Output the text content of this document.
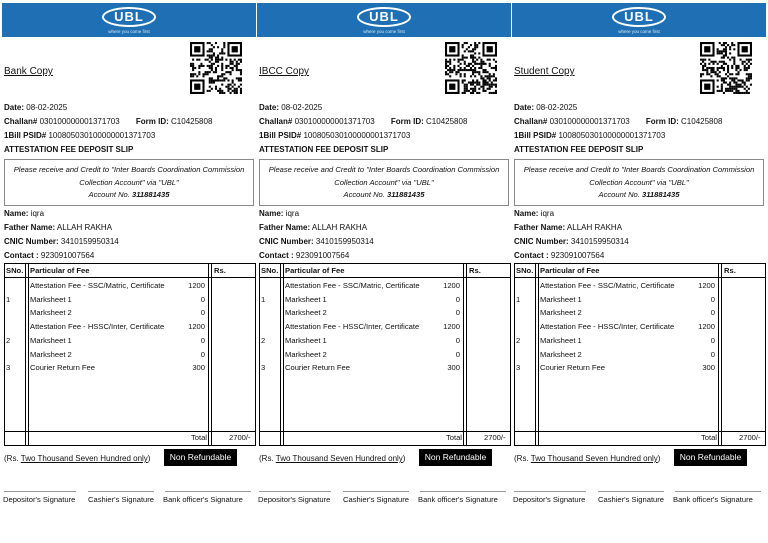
UBL
where you come first
Bank Copy
Date: 08-02-2025
Challan# 030100000001371703 Form ID: C10425808
1Bill PSID# 100805030100000001371703
ATTESTATION FEE DEPOSIT SLIP
Please receive and Credit to "Inter Boards Coordination Commission
Collection Account" via "UBL"
Account No. 311881435
Name: iqra
Father Name: ALLAH RAKHA
CNIC Number: 3410159950314
Contact : 923091007564
SNo. Particular of Fee	Rs.
Attestation Fee - SSC/Matric, Certificate	1200
1	Marksheet 1	0
Marksheet 2	0
Attestation Fee - HSSC/Inter, Certificate	1200
2	Marksheet 1	0
Marksheet 2	0
3	Courier Return Fee	300
Total	2700/-
(Rs. Two Thousand Seven Hundred only)	Non Refundable
Depositor's Signature Cashier's Signature Bank officer's Signature
UBL
where you come first
IBCC Copy
Date: 08-02-2025
Challan# 030100000001371703 Form ID: C10425808
1Bill PSID# 100805030100000001371703
ATTESTATION FEE DEPOSIT SLIP
Please receive and Credit to "Inter Boards Coordination Commission
Collection Account" via "UBL"
Account No. 311881435
Name: iqra
Father Name: ALLAH RAKHA
CNIC Number: 3410159950314
Contact : 923091007564
SNo. Particular of Fee	Rs.
Attestation Fee - SSC/Matric, Certificate	1200
1	Marksheet 1	0
Marksheet 2	0
Attestation Fee - HSSC/Inter, Certificate	1200
2	Marksheet 1	0
Marksheet 2	0
3	Courier Return Fee	300
Total	2700/-
(Rs. Two Thousand Seven Hundred only)	Non Refundable
Depositor's Signature Cashier's Signature Bank officer's Signature
UBL
where you come first
Student Copy
Date: 08-02-2025
Challan# 030100000001371703 Form ID: C10425808
1Bill PSID# 100805030100000001371703
ATTESTATION FEE DEPOSIT SLIP
Please receive and Credit to "Inter Boards Coordination Commission
Collection Account" via "UBL"
Account No. 311881435
Name: iqra
Father Name: ALLAH RAKHA
CNIC Number: 3410159950314
Contact : 923091007564
SNo. Particular of Fee	Rs.
Attestation Fee - SSC/Matric, Certificate	1200
1	Marksheet 1	0
Marksheet 2	0
Attestation Fee - HSSC/Inter, Certificate	1200
2	Marksheet 1	0
Marksheet 2	0
3	Courier Return Fee	300
Total	2700/-
(Rs. Two Thousand Seven Hundred only)	Non Refundable
Depositor's Signature Cashier's Signature Bank officer's Signature
